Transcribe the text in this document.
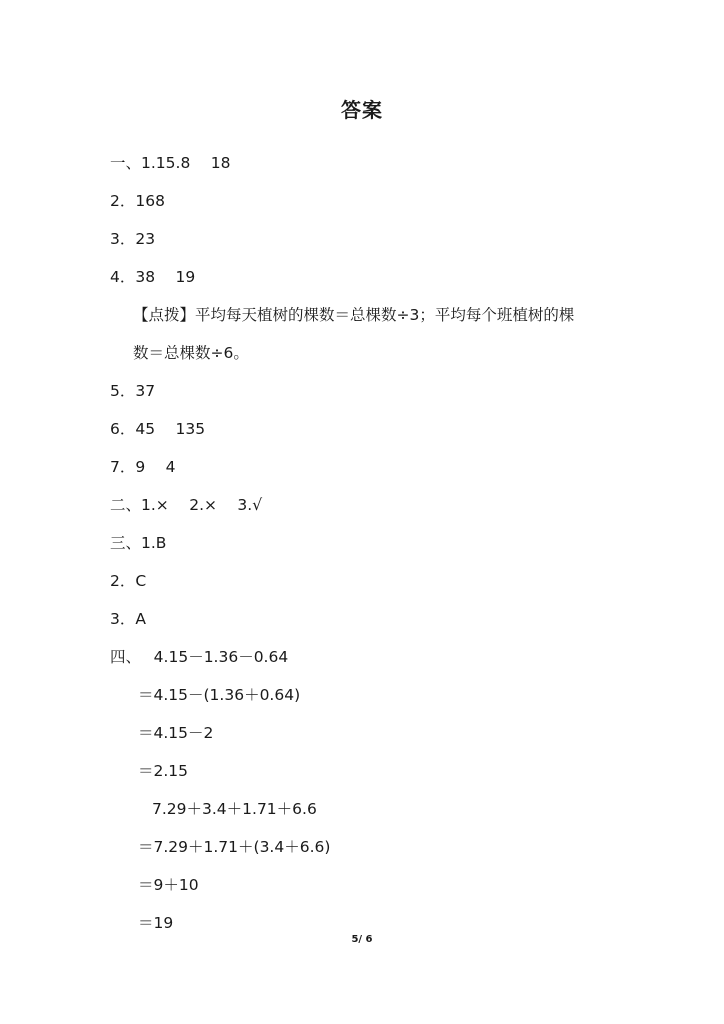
答案
一、1.15.8　 18
2．168
3．23
4．38　 19
【点拨】平均每天植树的棵数＝总棵数÷3；平均每个班植树的棵
数＝总棵数÷6。
5．37
6．45　 135
7．9　 4
二、1.×　 2.×　 3.√
三、1.B
2．C
3．A
四、　 4.15－1.36－0.64
＝4.15－(1.36＋0.64)
＝4.15－2
＝2.15
7.29＋3.4＋1.71＋6.6
＝7.29＋1.71＋(3.4＋6.6)
＝9＋10
＝19
5/ 6
